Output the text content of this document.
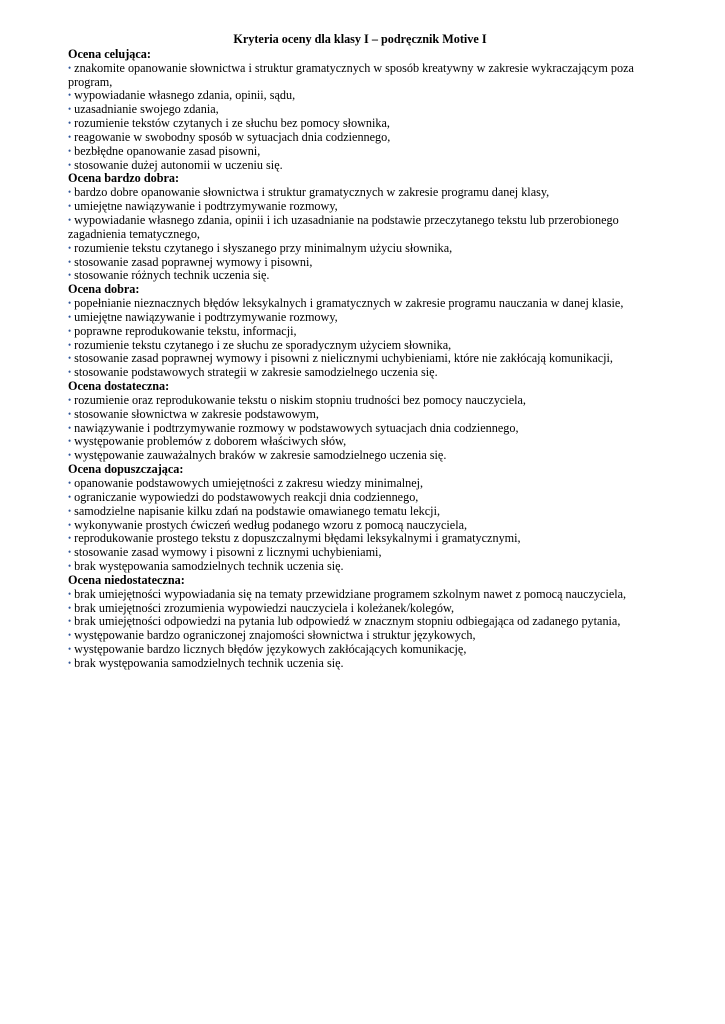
Kryteria oceny dla klasy I – podręcznik Motive I
Ocena celująca:
• znakomite opanowanie słownictwa i struktur gramatycznych w sposób kreatywny w zakresie wykraczającym poza program,
• wypowiadanie własnego zdania, opinii, sądu,
• uzasadnianie swojego zdania,
• rozumienie tekstów czytanych i ze słuchu bez pomocy słownika,
• reagowanie w swobodny sposób w sytuacjach dnia codziennego,
• bezbłędne opanowanie zasad pisowni,
• stosowanie dużej autonomii w uczeniu się.
Ocena bardzo dobra:
• bardzo dobre opanowanie słownictwa i struktur gramatycznych w zakresie programu danej klasy,
• umiejętne nawiązywanie i podtrzymywanie rozmowy,
• wypowiadanie własnego zdania, opinii i ich uzasadnianie na podstawie przeczytanego tekstu lub przerobionego zagadnienia tematycznego,
• rozumienie tekstu czytanego i słyszanego przy minimalnym użyciu słownika,
• stosowanie zasad poprawnej wymowy i pisowni,
• stosowanie różnych technik uczenia się.
Ocena dobra:
• popełnianie nieznacznych błędów leksykalnych i gramatycznych w zakresie programu nauczania w danej klasie,
• umiejętne nawiązywanie i podtrzymywanie rozmowy,
• poprawne reprodukowanie tekstu, informacji,
• rozumienie tekstu czytanego i ze słuchu ze sporadycznym użyciem słownika,
• stosowanie zasad poprawnej wymowy i pisowni z nielicznymi uchybieniami, które nie zakłócają komunikacji,
• stosowanie podstawowych strategii w zakresie samodzielnego uczenia się.
Ocena dostateczna:
• rozumienie oraz reprodukowanie tekstu o niskim stopniu trudności bez pomocy nauczyciela,
• stosowanie słownictwa w zakresie podstawowym,
• nawiązywanie i podtrzymywanie rozmowy w podstawowych sytuacjach dnia codziennego,
• występowanie problemów z doborem właściwych słów,
• występowanie zauważalnych braków w zakresie samodzielnego uczenia się.
Ocena dopuszczająca:
• opanowanie podstawowych umiejętności z zakresu wiedzy minimalnej,
• ograniczanie wypowiedzi do podstawowych reakcji dnia codziennego,
• samodzielne napisanie kilku zdań na podstawie omawianego tematu lekcji,
• wykonywanie prostych ćwiczeń według podanego wzoru z pomocą nauczyciela,
• reprodukowanie prostego tekstu z dopuszczalnymi błędami leksykalnymi i gramatycznymi,
• stosowanie zasad wymowy i pisowni z licznymi uchybieniami,
• brak występowania samodzielnych technik uczenia się.
Ocena niedostateczna:
• brak umiejętności wypowiadania się na tematy przewidziane programem szkolnym nawet z pomocą nauczyciela,
• brak umiejętności zrozumienia wypowiedzi nauczyciela i koleżanek/kolegów,
• brak umiejętności odpowiedzi na pytania lub odpowiedź w znacznym stopniu odbiegająca od zadanego pytania,
• występowanie bardzo ograniczonej znajomości słownictwa i struktur językowych,
• występowanie bardzo licznych błędów językowych zakłócających komunikację,
• brak występowania samodzielnych technik uczenia się.
